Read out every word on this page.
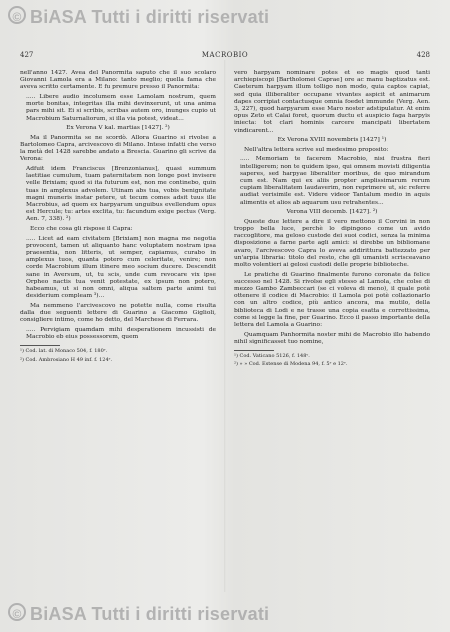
© BiASA Tutti i diritti riservati
427	MACROBIO	428

nell'anno 1427. Avea del Panormita saputo che il suo scolaro Giovanni Lamola era a Milano: tanto meglio; quella fama che aveva scritto certamente. E fu premure presso il Panormita:

..... Libere audio incolumem esse Lamolam nostrum, quem morte bonitas, integritas illa mihi devinxerunt, ut una anima pars mihi sit. Ei si scribis, scribas autem oro, inunges cupio ut Macrobium Saturnaliorum, si illa via potest, videat...

Ex Verona V kal. martias [1427]. ²)

Ma il Panormita se ne scordò. Allora Guarino si rivolse a Bartolomeo Capra, arcivescovo di Milano. Intese infatti che verso la metà del 1428 sarebbe andato a Brescia. Guarino gli scrive da Verona:

Adfuit idem Franciscus [Brenzonianus], quasi summum laetitiae cumulum, tuam paternitatem non longe post invisere velle Brixiam; quod si ita futurum est, non me continebo, quin tuas in amplexus advolem. Utinam abs tua, vobis benignitate magni muneris instar petere, ut tecum comes adsit tuus ille Macrobius, ad quem ex harpyarum unguibus evellendum opus est Hercule; tu: artes exclita, tu: facundum exige pectus (Verg. Aen. 7, 338). ²)

Ecco che cosa gli rispose il Capra:

..... Licet ad eam civitatem [Brixiam] non magna me negotia provocent, tamen ut aliquanto hanc voluptatem nostram ipsa praesentia, non litteris, ut semper, capiamus, curabo in amplexus tuos, quanta potero cum celeritate, venire; non corde Macrobium illum itinere meo socium ducere. Descendit sane in Aversum, ut, tu scis, unde cum revocare vix ipse Orpheo nactis tua venit potestate, ex ipsum non potero, habeamus, ut si non omni, aliqua saltem parte animi tui desiderium compleam ³)...

Ma nemmeno l'arcivescovo ne potette nulla, come risulta dalla due seguenti lettere di Guarino a Giacomo Giglioli, consigliere intimo, come ho detto, del Marchese di Ferrara.

..... Pervigiam quamdam mihi desperationem incussisti de Macrobio eb eius possessorem, quem

¹) Cod. lat. di Monaco 504, f. 180ᵛ.

²) Cod. Ambrosiano H 49 inf. f. 124ᵛ.

vero harpyam nominare potes et eo magis quod tanti archiepiscopi [Bartholomei Caprae] ore ac manu baptizatus est. Caeterum harpyam illum tolligo non modo, quia captos capiat, sed quia illiberaliter occupane vivantes aspicit et animarum dapes corripiat contactusque omnia foedet immunde (Verg. Aen. 3, 227), quod harpyarum esse Maro noster adstipulatur. At enim opus Zeto et Calai foret, quorum ductu et auspicio faga harpyis iniecta: tot clari hominis carcere mancipati libertatem vindicarent...

Ex Verona XVIII novembris [1427] ¹)

Nell'altra lettera scrive sul medesimo proposito:

..... Memoriam te facerem Macrobio, nisi frustra fieri intelligerem; non te quidem ipso, qui omnem movisti diligentia saperes, sed harpyae liberaliter moribus, de quo mirandum cum est. Nam qui ex aliis propter amplissimarum rerum cupiam liberalitatem laudaverim, non reprimere ut, sic referre audiat verisimile est. Videre videor Tantalum medio in aquis alimentis et alios ab aquarum usu retrahentes...

Verona VIII decemb. [1427]. ²)

Queste due lettere a dire il vero mettono il Corvini in non troppo bella luce, perchè lo dipingono come un avido raccoglitore, ma geloso custode dei suoi codici, senza la minima disposizione a farne parte agli amici: si direbbe un bibliomane avaro, l'arcivescovo Capra lo aveva addirittura battezzato per un'arpia libraria: titolo del resto, che gli umanisti scrisceavano molto volentieri ai gelosi custodi delle proprie biblioteche.

Le pratiche di Guarino finalmente furono coronate da felice successo nel 1428. Si rivolse egli stesso al Lamola, che colse di mezzo Gambo Zambeccari (se ci voleva di meno), il quale potè ottenere il codice di Macrobio: il Lamola poi potè collazionarlo con un altro codice, più antico ancora, ma mutilo, della biblioteca di Lodi e ne trasse una copia esatta e correttissima, come si legge la fine, per Guarino. Ecco il passo importante della lettera del Lamola a Guarino:

Quamquam Panhormita noster mihi de Macrobio illo habendo nihil significasset tuo nomine,

¹) Cod. Vaticano 5126, f. 148ᵛ.

²) » » Cod. Estense di Modena 94, f. 5ᵛ e 12ᵛ.

© BiASA Tutti i diritti riservati
